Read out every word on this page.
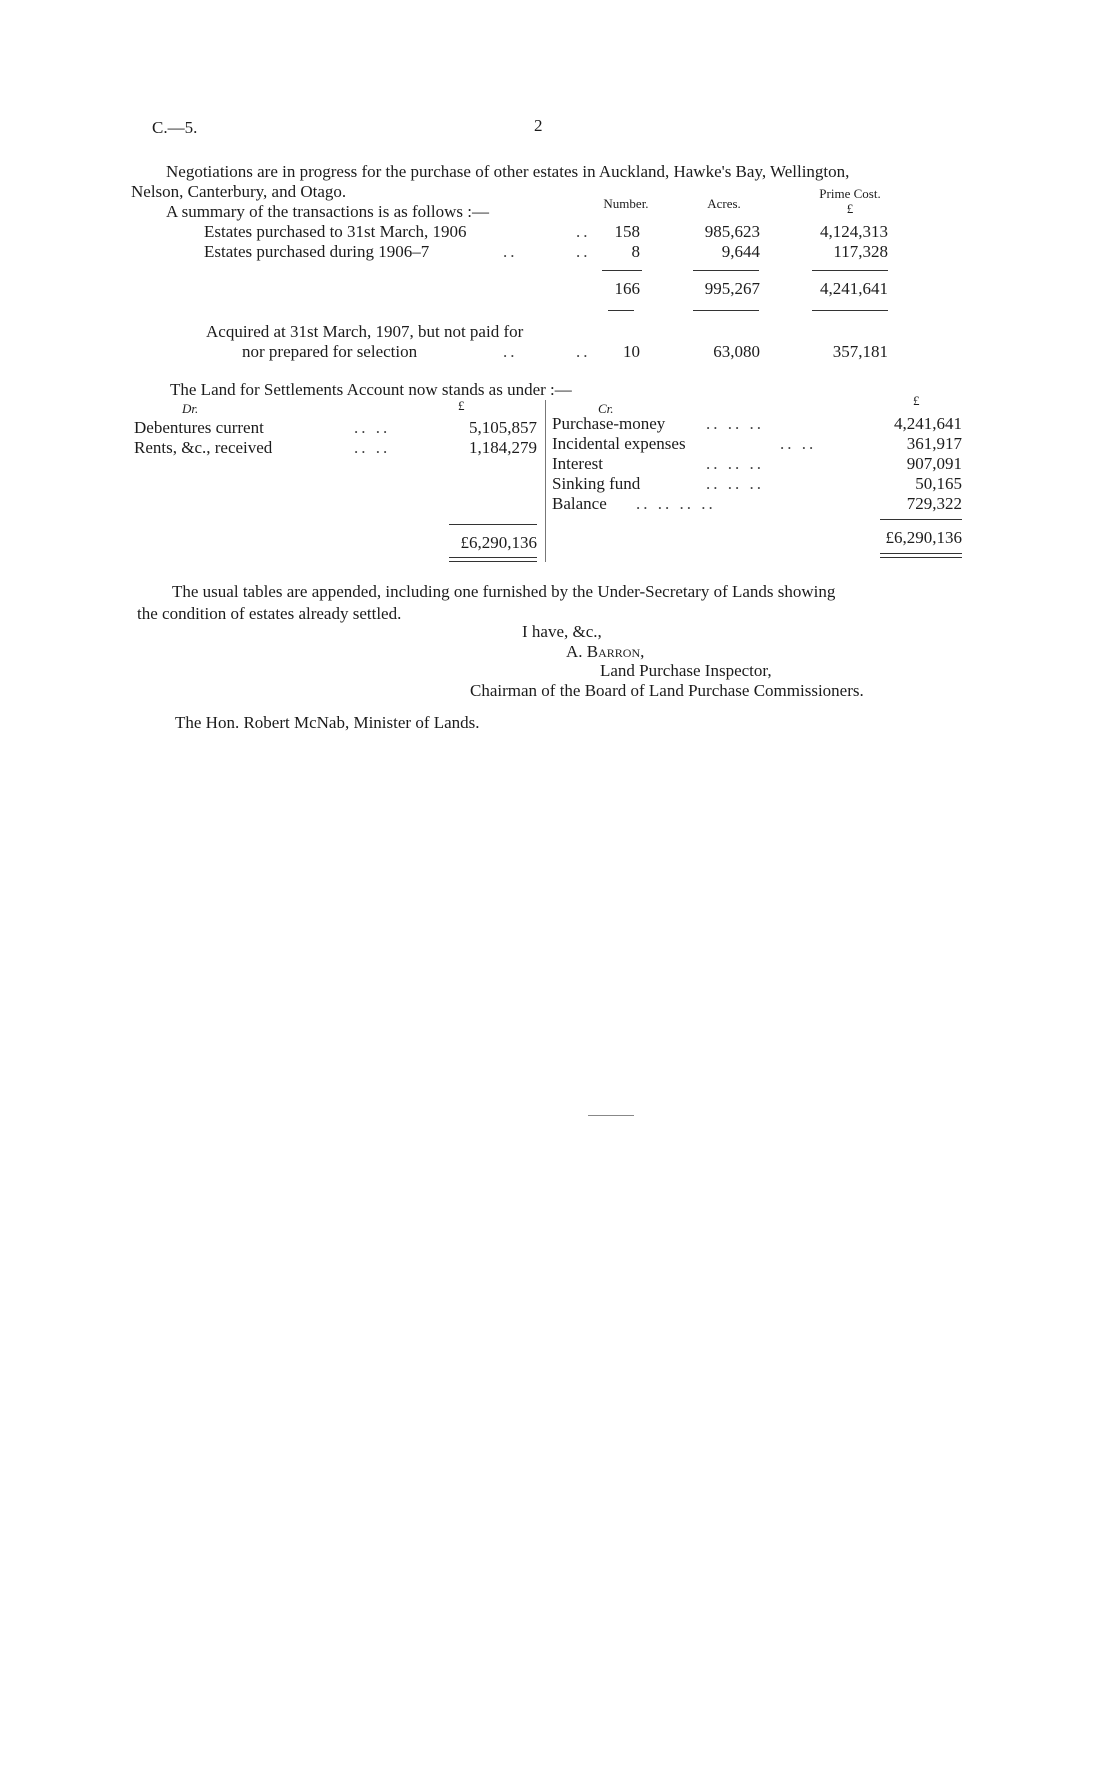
C.—5.	2
Negotiations are in progress for the purchase of other estates in Auckland, Hawke's Bay, Wellington,
Nelson, Canterbury, and Otago.
A summary of the transactions is as follows :—	Number.	Acres.
Prime Cost.
£
Estates purchased to 31st March, 1906	..	158	985,623	4,124,313
Estates purchased during 1906–7	..	..	8	9,644	117,328
166	995,267	4,241,641
Acquired at 31st March, 1907, but not paid for
nor prepared for selection	..	..	10	63,080	357,181
The Land for Settlements Account now stands as under :—
Dr.	£	Cr.
£
Debentures current	.. ..	5,105,857
Rents, &c., received	.. ..	1,184,279
Purchase-money .. .. ..	4,241,641
Incidental expenses	.. ..	361,917
Interest	.. .. ..	907,091
Sinking fund	.. .. ..	50,165
Balance .. .. .. ..	729,322
£6,290,136	£6,290,136
The usual tables are appended, including one furnished by the Under-Secretary of Lands showing
the condition of estates already settled.
I have, &c.,
A. Barron,
Land Purchase Inspector,
Chairman of the Board of Land Purchase Commissioners.
The Hon. Robert McNab, Minister of Lands.
